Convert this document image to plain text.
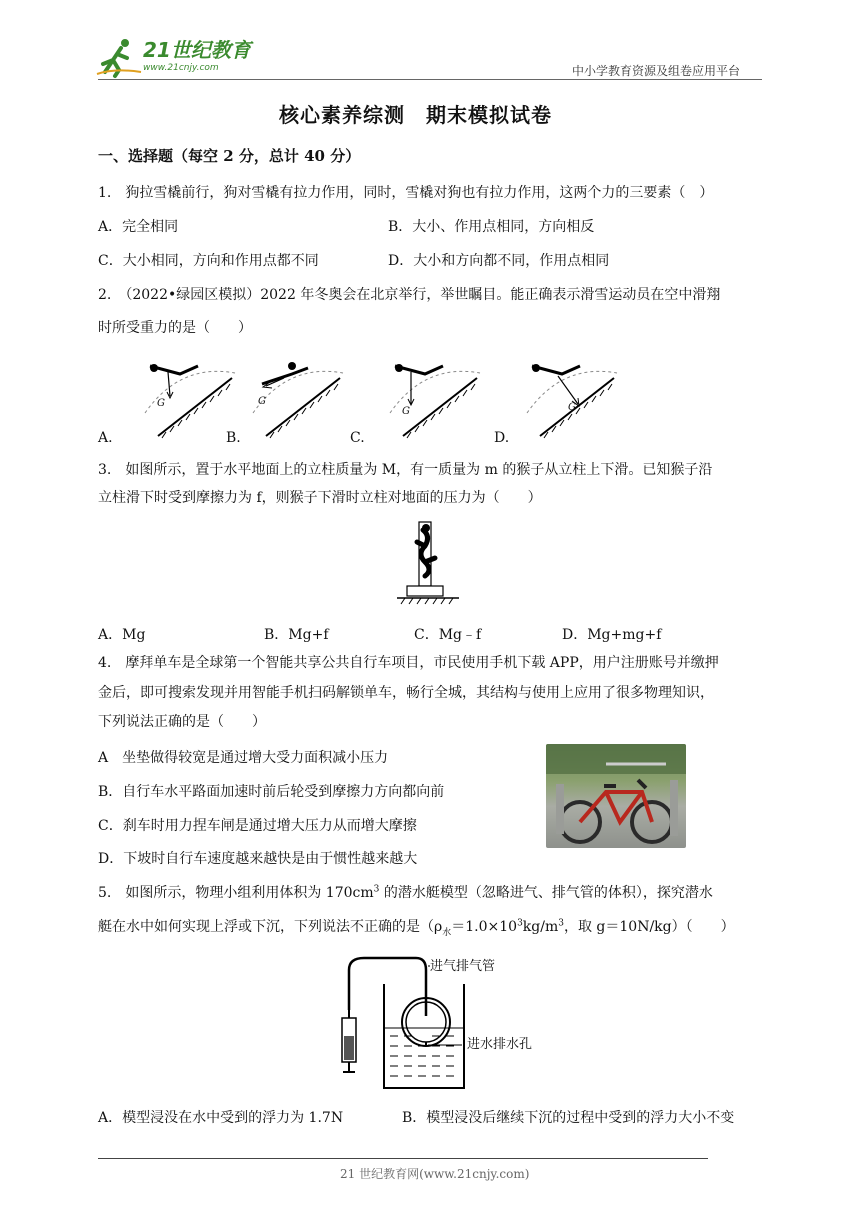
21世纪教育
www.21cnjy.com	中小学教育资源及组卷应用平台
核心素养综测　期末模拟试卷
一、选择题（每空 2 分，总计 40 分）
1.　狗拉雪橇前行，狗对雪橇有拉力作用，同时，雪橇对狗也有拉力作用，这两个力的三要素（　）
A．完全相同	B．大小、作用点相同，方向相反
C．大小相同，方向和作用点都不同	D．大小和方向都不同，作用点相同
2.　（2022•绿园区模拟）2022 年冬奥会在北京举行，举世瞩目。能正确表示滑雪运动员在空中滑翔
时所受重力的是（　　）
G
A.
G
B.
G
C.
G
D.
3.　如图所示，置于水平地面上的立柱质量为 M，有一质量为 m 的猴子从立柱上下滑。已知猴子沿
立柱滑下时受到摩擦力为 f，则猴子下滑时立柱对地面的压力为（　　）
A．Mg	B．Mg+f	C．Mg﹣f	D．Mg+mg+f
4.　摩拜单车是全球第一个智能共享公共自行车项目，市民使用手机下载 APP，用户注册账号并缴押
金后，即可搜索发现并用智能手机扫码解锁单车，畅行全城，其结构与使用上应用了很多物理知识，
下列说法正确的是（　　）
A　坐垫做得较宽是通过增大受力面积减小压力
B．自行车水平路面加速时前后轮受到摩擦力方向都向前
C．刹车时用力捏车闸是通过增大压力从而增大摩擦
D．下坡时自行车速度越来越快是由于惯性越来越大
5.　如图所示，物理小组利用体积为 $170cm^3$ 的潜水艇模型（忽略进气、排气管的体积），探究潜水
艇在水中如何实现上浮或下沉，下列说法不正确的是（$\rho_水=1.0\times 10^3kg/m^3$，取 g＝10N/kg）（　　）
进气排气管
进水排水孔
A．模型浸没在水中受到的浮力为 1.7N	B．模型浸没后继续下沉的过程中受到的浮力大小不变
21 世纪教育网(www.21cnjy.com)
